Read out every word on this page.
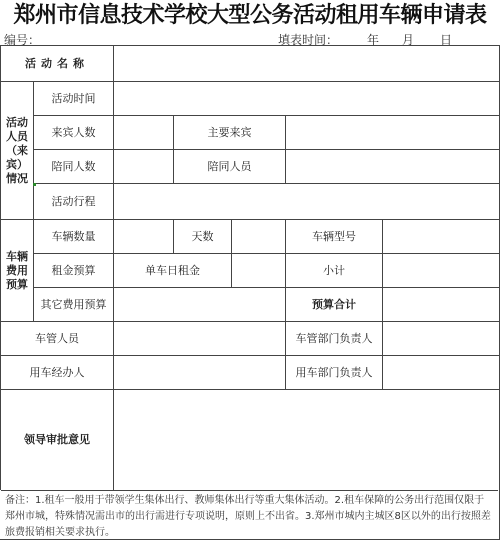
郑州市信息技术学校大型公务活动租用车辆申请表
编号：	填表时间： 年 月 日
活动名称
活动人员（来宾）情况
活动时间
来宾人数	主要来宾
陪同人数	陪同人员
活动行程
车辆费用预算
车辆数量	天数	车辆型号
租金预算	单车日租金	小计
其它费用预算	预算合计
车管人员	车管部门负责人
用车经办人	用车部门负责人
领导审批意见
备注：1.租车一般用于带领学生集体出行、教师集体出行等重大集体活动。2.租车保障的公务出行范围仅限于郑州市城，特殊情况需出市的出行需进行专项说明，原则上不出省。3.郑州市城内主城区8区以外的出行按照差旅费报销相关要求执行。
